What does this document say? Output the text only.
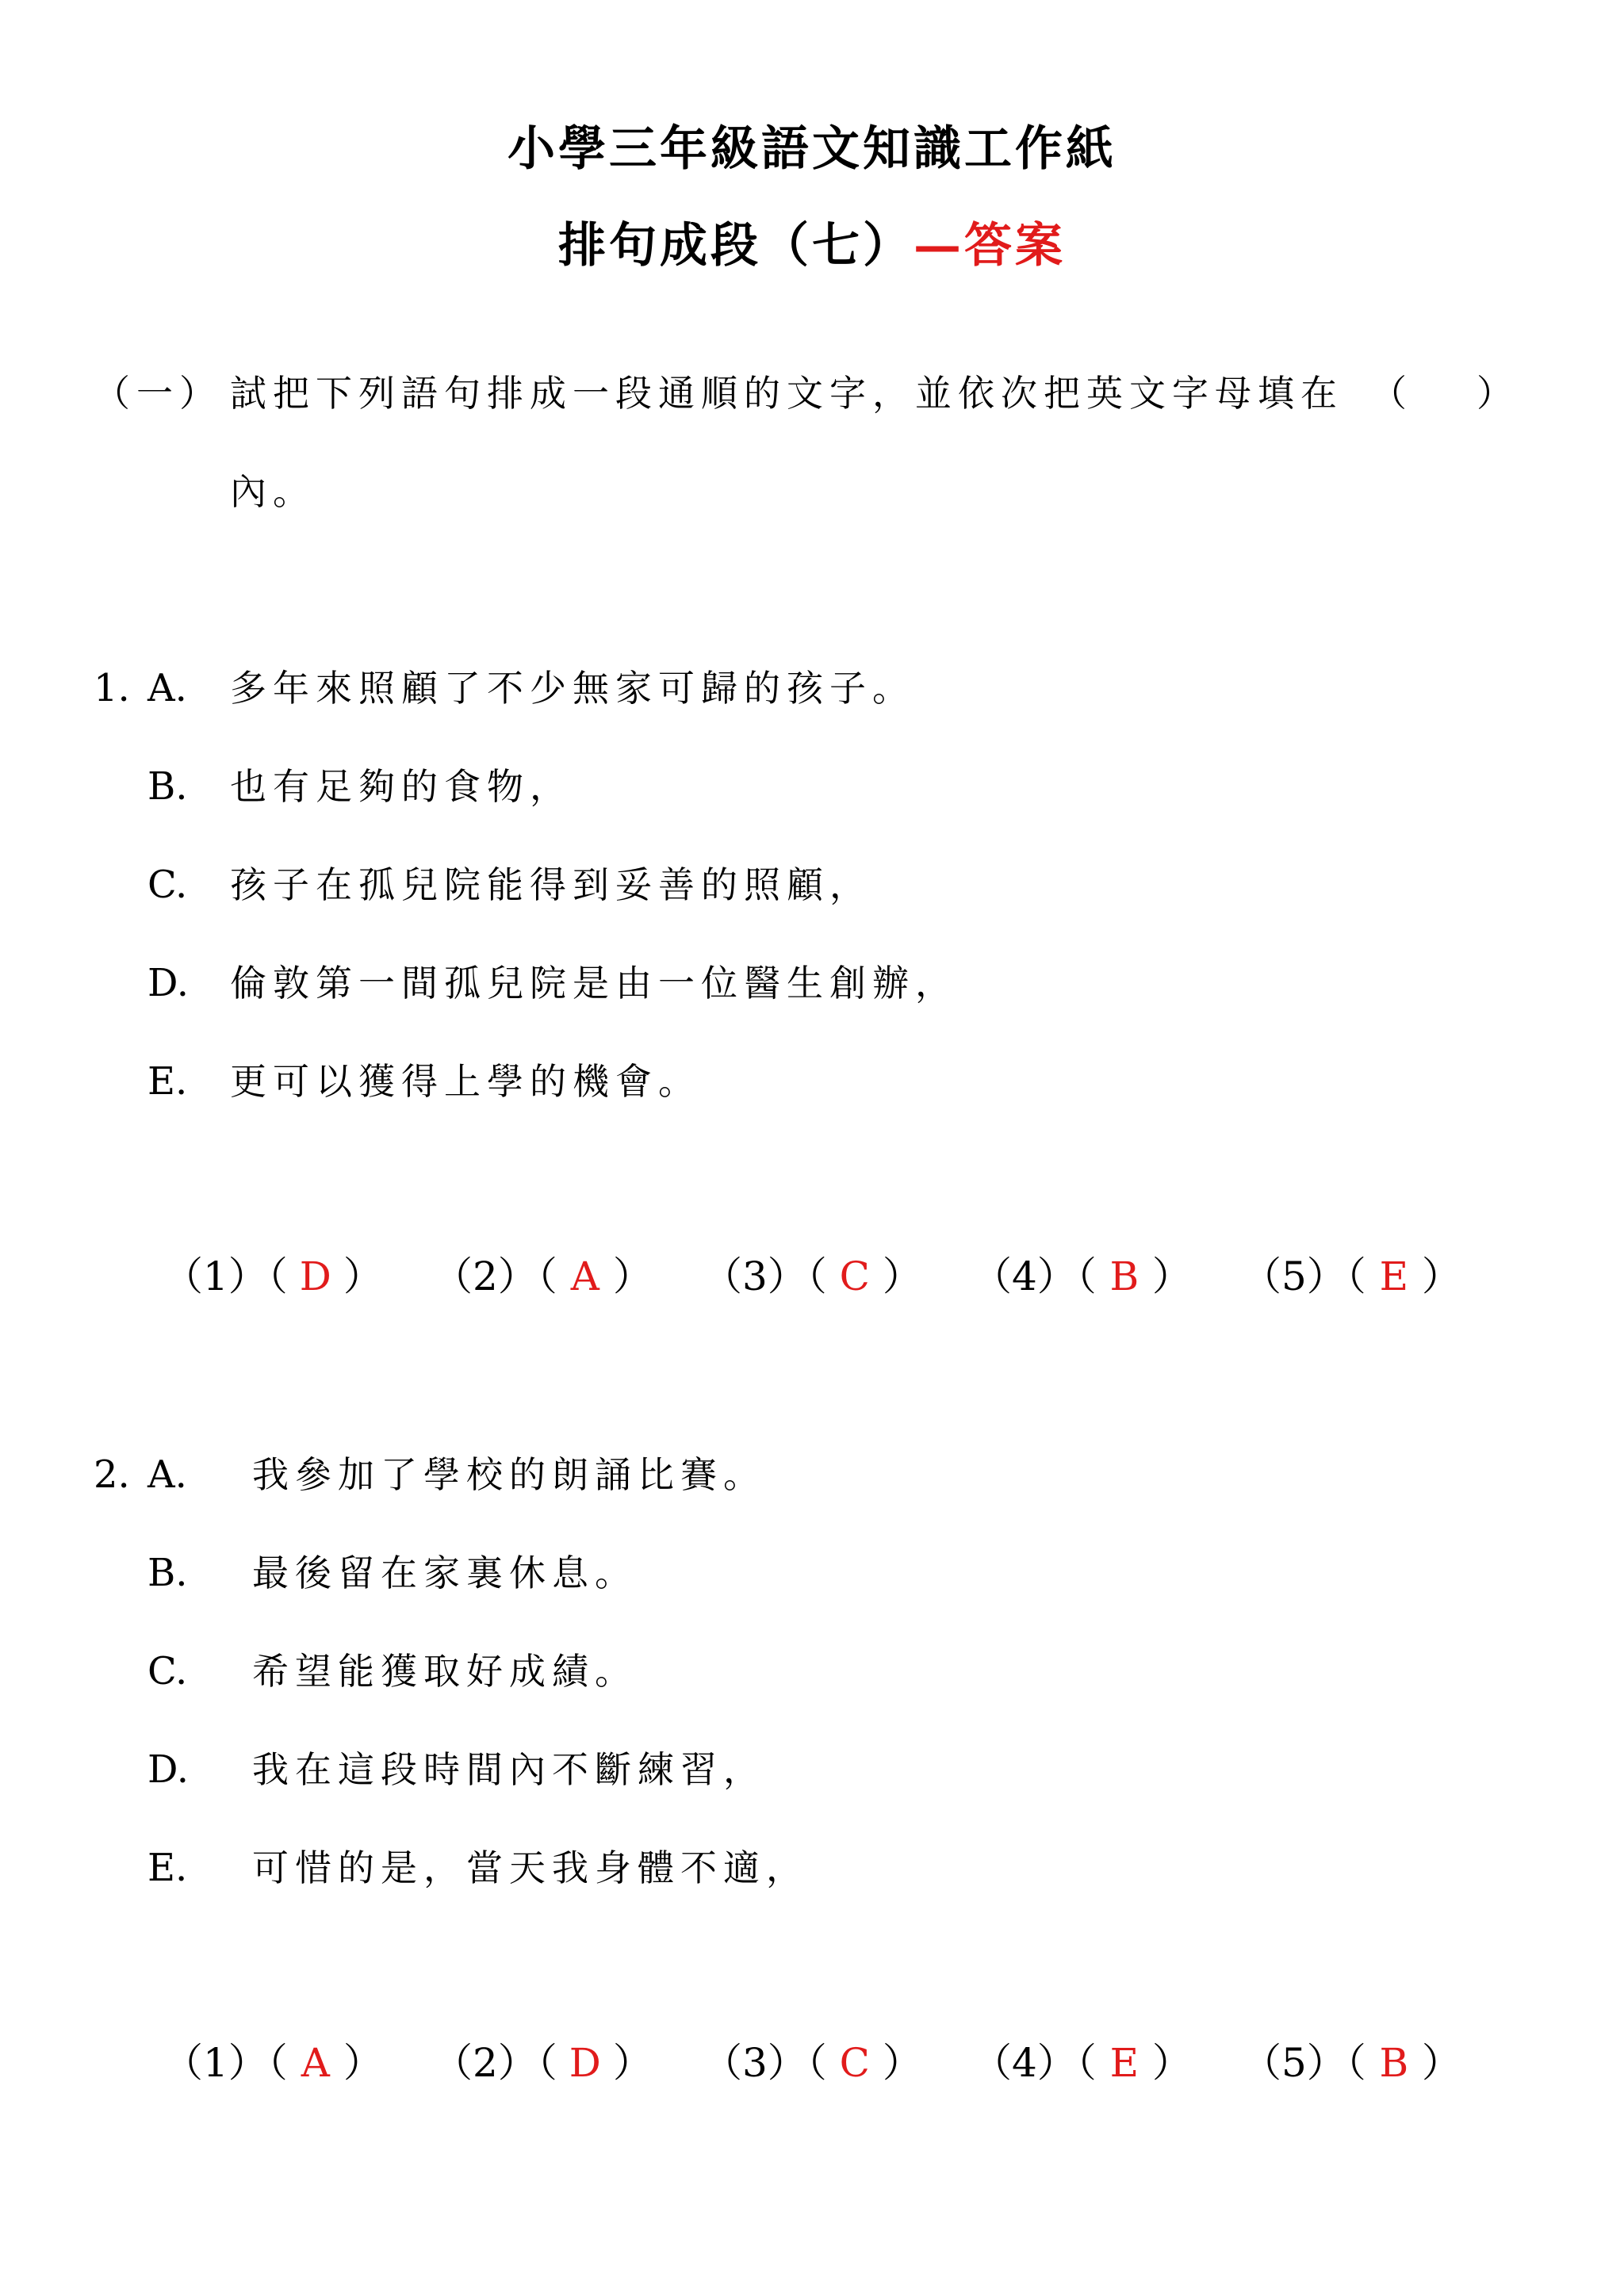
小學三年級語文知識工作紙
排句成段（七）—答案
（一） 試把下列語句排成一段通順的文字，並依次把英文字母填在 （ ）
內。
1. A. 多年來照顧了不少無家可歸的孩子。
B. 也有足夠的食物，
C. 孩子在孤兒院能得到妥善的照顧，
D. 倫敦第一間孤兒院是由一位醫生創辦，
E. 更可以獲得上學的機會。
（1）（ D ） （2）（ A ） （3）（ C ） （4）（ B ） （5）（ E ）
2. A. 我參加了學校的朗誦比賽。
B. 最後留在家裏休息。
C. 希望能獲取好成績。
D. 我在這段時間內不斷練習，
E. 可惜的是，當天我身體不適，
（1）（ A ） （2）（ D ） （3）（ C ） （4）（ E ） （5）（ B ）
